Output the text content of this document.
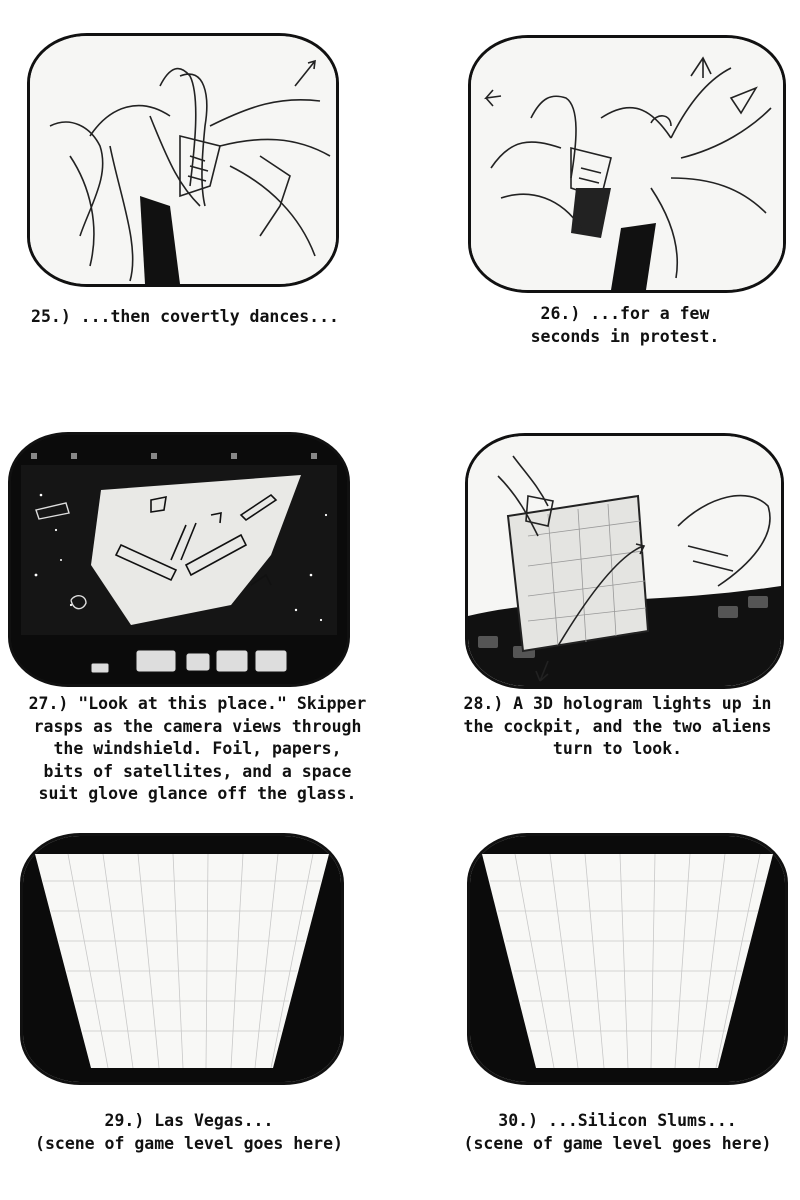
25.) ...then covertly dances...	26.) ...for a few
seconds in protest.
27.) "Look at this place." Skipper
rasps as the camera views through
the windshield. Foil, papers,
bits of satellites, and a space
suit glove glance off the glass.
28.) A 3D hologram lights up in
the cockpit, and the two aliens
turn to look.
29.) Las Vegas...
(scene of game level goes here)
30.) ...Silicon Slums...
(scene of game level goes here)
